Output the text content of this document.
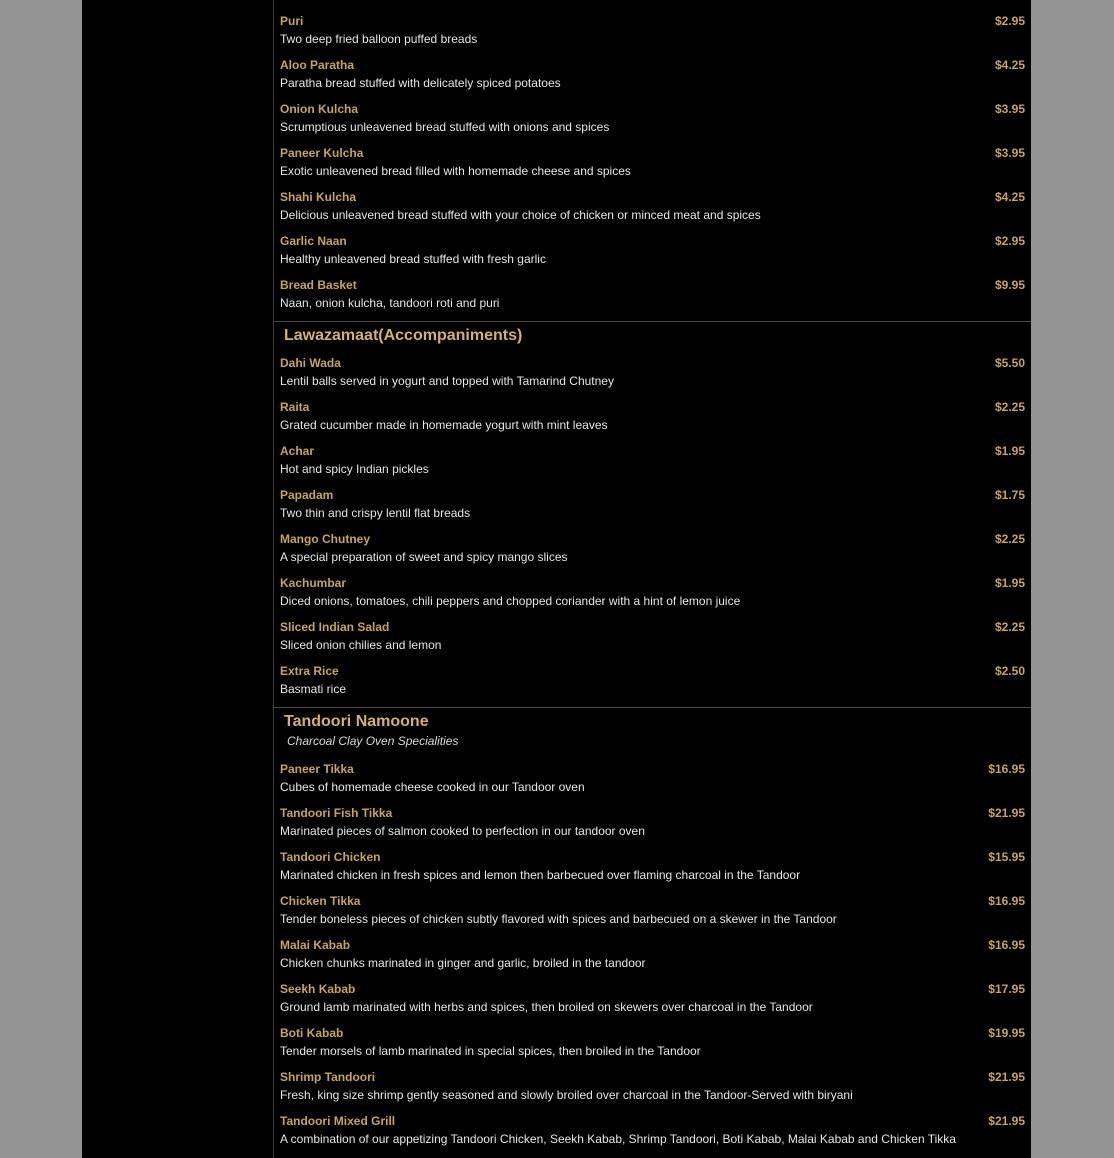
Puri	$2.95
Two deep fried balloon puffed breads
Aloo Paratha	$4.25
Paratha bread stuffed with delicately spiced potatoes
Onion Kulcha	$3.95
Scrumptious unleavened bread stuffed with onions and spices
Paneer Kulcha	$3.95
Exotic unleavened bread filled with homemade cheese and spices
Shahi Kulcha	$4.25
Delicious unleavened bread stuffed with your choice of chicken or minced meat and spices
Garlic Naan	$2.95
Healthy unleavened bread stuffed with fresh garlic
Bread Basket	$9.95
Naan, onion kulcha, tandoori roti and puri
Lawazamaat(Accompaniments)
Dahi Wada	$5.50
Lentil balls served in yogurt and topped with Tamarind Chutney
Raita	$2.25
Grated cucumber made in homemade yogurt with mint leaves
Achar	$1.95
Hot and spicy Indian pickles
Papadam	$1.75
Two thin and crispy lentil flat breads
Mango Chutney	$2.25
A special preparation of sweet and spicy mango slices
Kachumbar	$1.95
Diced onions, tomatoes, chili peppers and chopped coriander with a hint of lemon juice
Sliced Indian Salad	$2.25
Sliced onion chilies and lemon
Extra Rice	$2.50
Basmati rice
Tandoori Namoone
Charcoal Clay Oven Specialities
Paneer Tikka	$16.95
Cubes of homemade cheese cooked in our Tandoor oven
Tandoori Fish Tikka	$21.95
Marinated pieces of salmon cooked to perfection in our tandoor oven
Tandoori Chicken	$15.95
Marinated chicken in fresh spices and lemon then barbecued over flaming charcoal in the Tandoor
Chicken Tikka	$16.95
Tender boneless pieces of chicken subtly flavored with spices and barbecued on a skewer in the Tandoor
Malai Kabab	$16.95
Chicken chunks marinated in ginger and garlic, broiled in the tandoor
Seekh Kabab	$17.95
Ground lamb marinated with herbs and spices, then broiled on skewers over charcoal in the Tandoor
Boti Kabab	$19.95
Tender morsels of lamb marinated in special spices, then broiled in the Tandoor
Shrimp Tandoori	$21.95
Fresh, king size shrimp gently seasoned and slowly broiled over charcoal in the Tandoor-Served with biryani
Tandoori Mixed Grill	$21.95
A combination of our appetizing Tandoori Chicken, Seekh Kabab, Shrimp Tandoori, Boti Kabab, Malai Kabab and Chicken Tikka
